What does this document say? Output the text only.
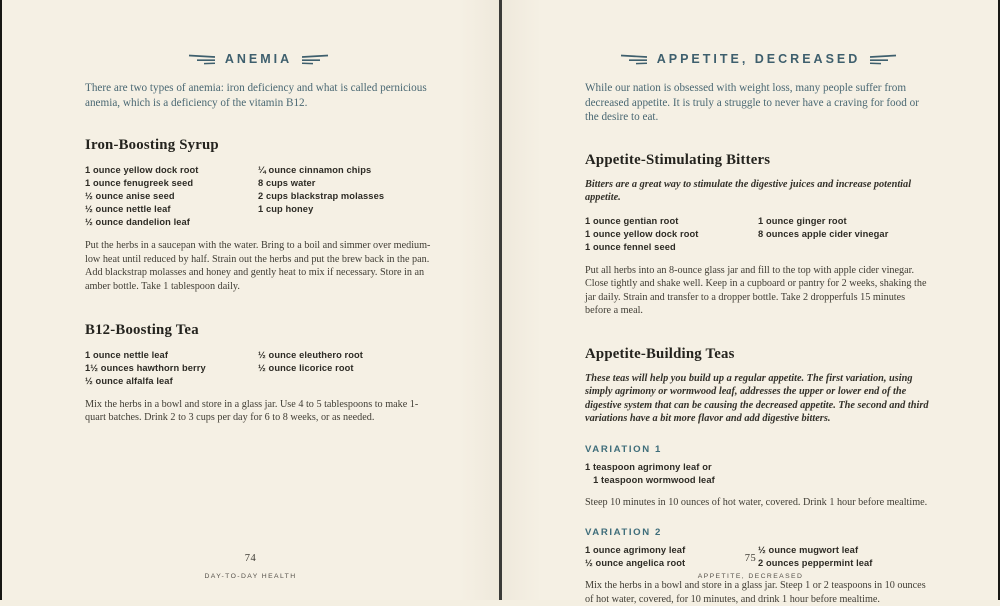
ANEMIA
There are two types of anemia: iron deficiency and what is called pernicious anemia, which is a deficiency of the vitamin B12.
Iron-Boosting Syrup
1 ounce yellow dock root
1 ounce fenugreek seed
½ ounce anise seed
½ ounce nettle leaf
½ ounce dandelion leaf
¼ ounce cinnamon chips
8 cups water
2 cups blackstrap molasses
1 cup honey
Put the herbs in a saucepan with the water. Bring to a boil and simmer over medium-low heat until reduced by half. Strain out the herbs and put the brew back in the pan. Add blackstrap molasses and honey and gently heat to mix if necessary. Store in an amber bottle. Take 1 tablespoon daily.
B12-Boosting Tea
1 ounce nettle leaf
1½ ounces hawthorn berry
½ ounce alfalfa leaf
½ ounce eleuthero root
½ ounce licorice root
Mix the herbs in a bowl and store in a glass jar. Use 4 to 5 tablespoons to make 1-quart batches. Drink 2 to 3 cups per day for 6 to 8 weeks, or as needed.
74
DAY-TO-DAY HEALTH
APPETITE, DECREASED
While our nation is obsessed with weight loss, many people suffer from decreased appetite. It is truly a struggle to never have a craving for food or the desire to eat.
Appetite-Stimulating Bitters
Bitters are a great way to stimulate the digestive juices and increase potential appetite.
1 ounce gentian root
1 ounce yellow dock root
1 ounce fennel seed
1 ounce ginger root
8 ounces apple cider vinegar
Put all herbs into an 8-ounce glass jar and fill to the top with apple cider vinegar. Close tightly and shake well. Keep in a cupboard or pantry for 2 weeks, shaking the jar daily. Strain and transfer to a dropper bottle. Take 2 dropperfuls 15 minutes before a meal.
Appetite-Building Teas
These teas will help you build up a regular appetite. The first variation, using simply agrimony or wormwood leaf, addresses the upper or lower end of the digestive system that can be causing the decreased appetite. The second and third variations have a bit more flavor and add digestive bitters.
VARIATION 1
1 teaspoon agrimony leaf or
1 teaspoon wormwood leaf
Steep 10 minutes in 10 ounces of hot water, covered. Drink 1 hour before mealtime.
VARIATION 2
1 ounce agrimony leaf
½ ounce angelica root
½ ounce mugwort leaf
2 ounces peppermint leaf
Mix the herbs in a bowl and store in a glass jar. Steep 1 or 2 teaspoons in 10 ounces of hot water, covered, for 10 minutes, and drink 1 hour before mealtime.
75
APPETITE, DECREASED
